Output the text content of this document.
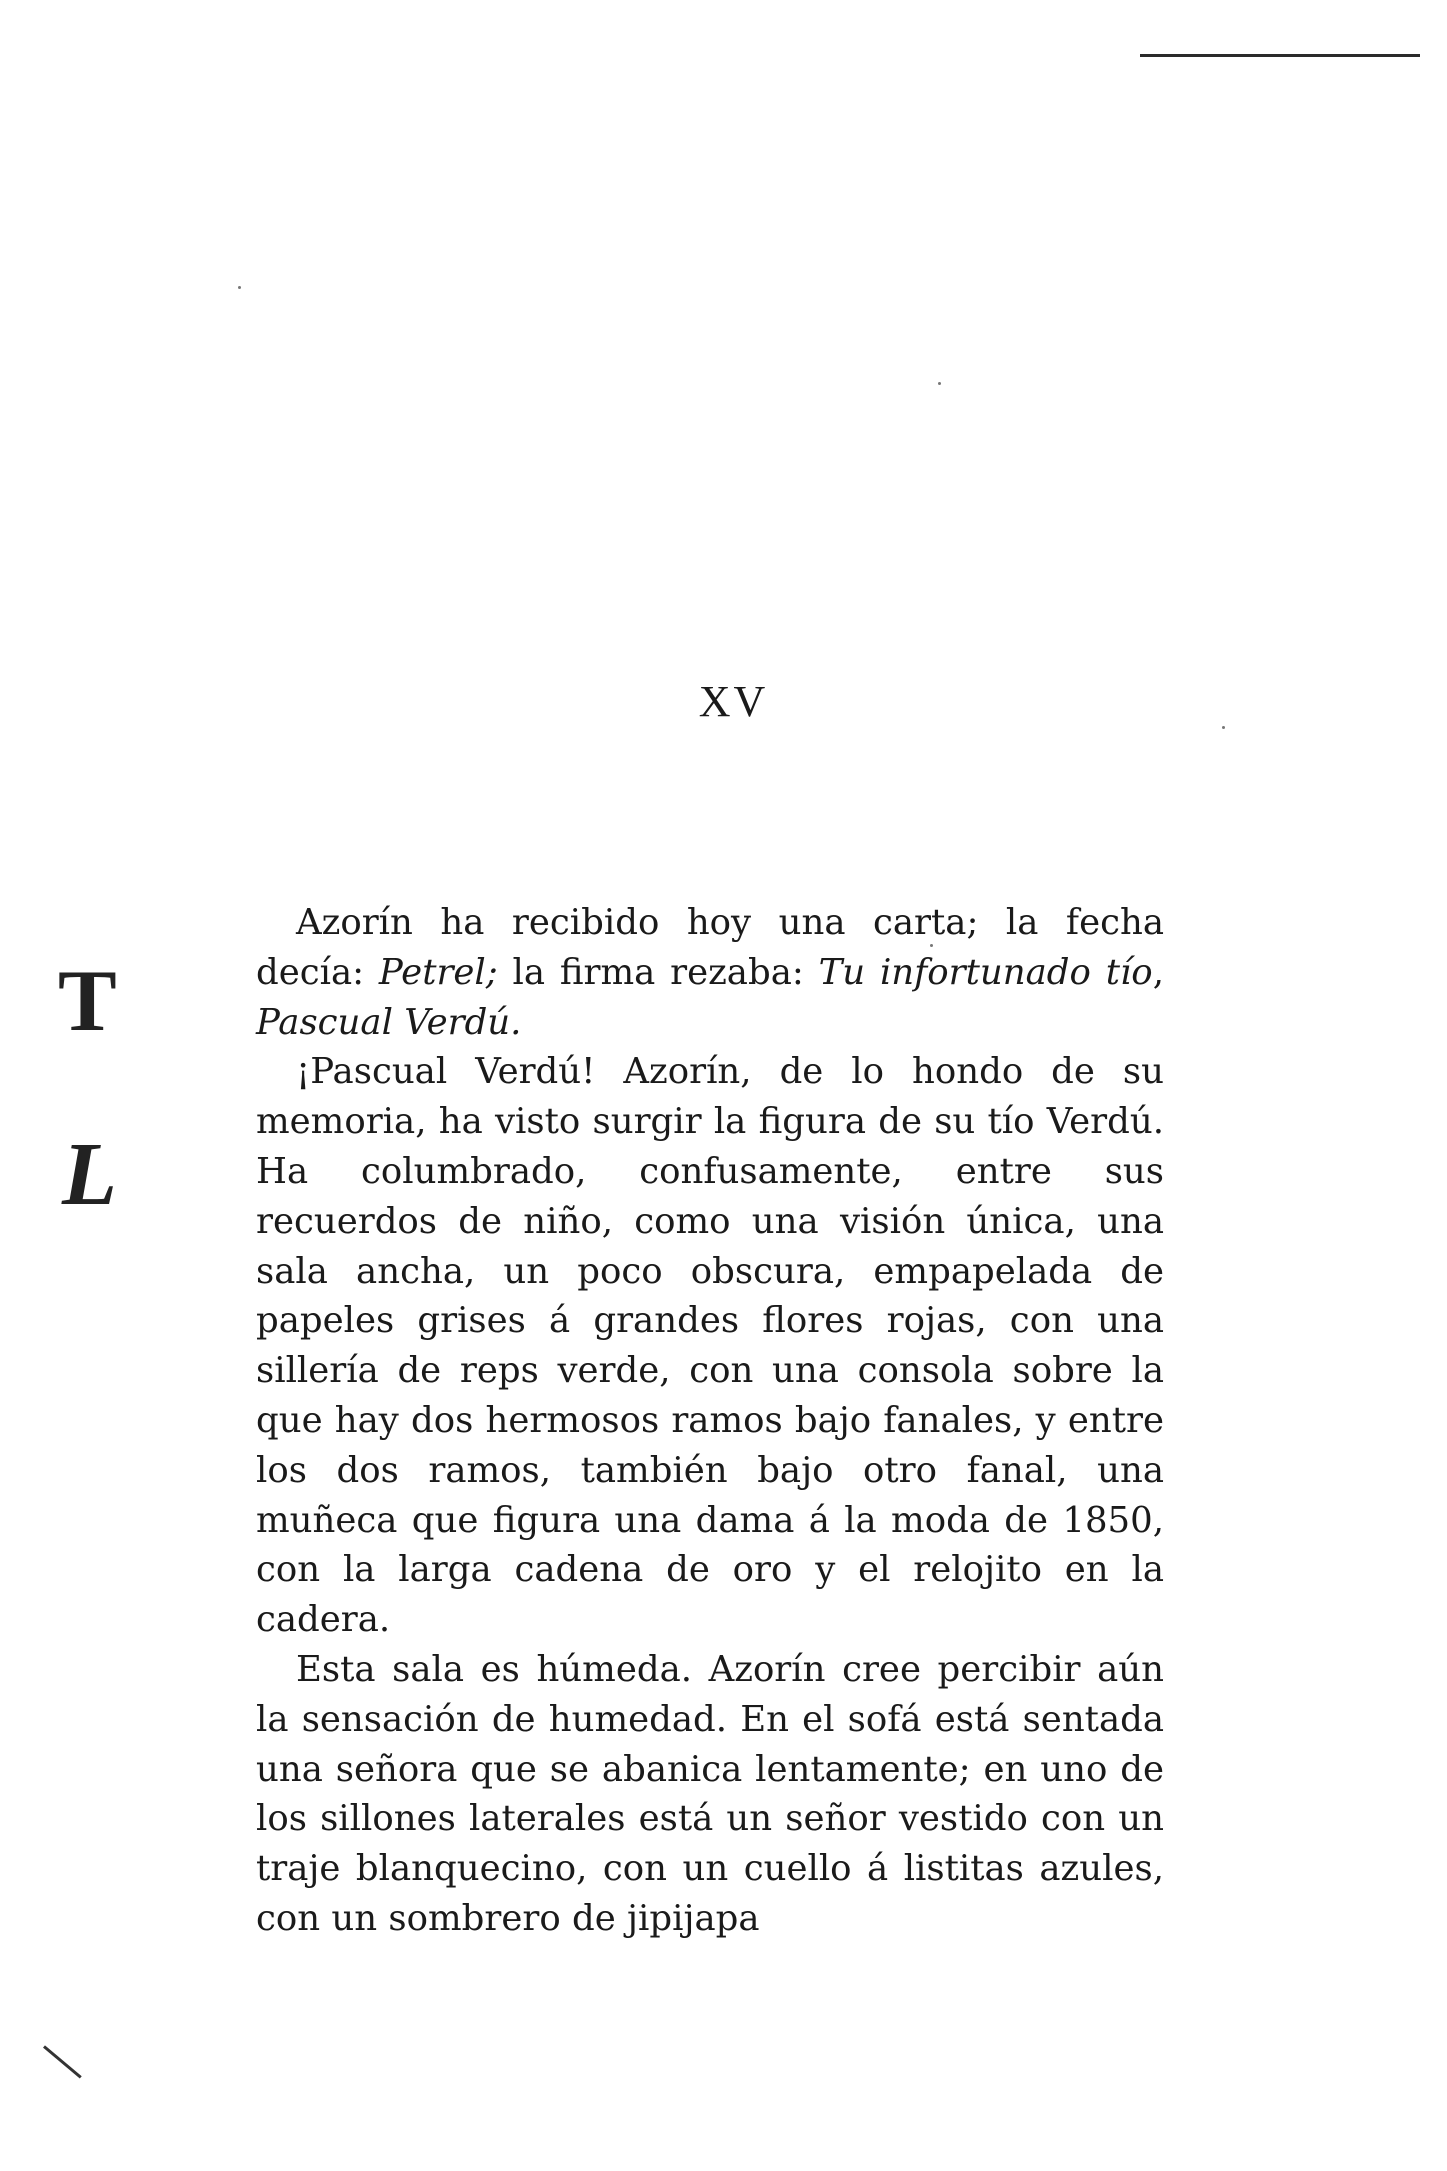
XV
T
L

Azorín ha recibido hoy una carta; la fecha decía: Petrel; la firma rezaba: Tu infortunado tío, Pascual Verdú.

¡Pascual Verdú! Azorín, de lo hondo de su memoria, ha visto surgir la figura de su tío Verdú. Ha columbrado, confusamente, entre sus recuerdos de niño, como una visión única, una sala ancha, un poco obscura, empapelada de papeles grises á grandes flores rojas, con una sillería de reps verde, con una consola sobre la que hay dos hermosos ramos bajo fanales, y entre los dos ramos, también bajo otro fanal, una muñeca que figura una dama á la moda de 1850, con la larga cadena de oro y el relojito en la cadera.

Esta sala es húmeda. Azorín cree percibir aún la sensación de humedad. En el sofá está sentada una señora que se abanica lentamente; en uno de los sillones laterales está un señor vestido con un traje blanquecino, con un cuello á listitas azules, con un sombrero de jipijapa
